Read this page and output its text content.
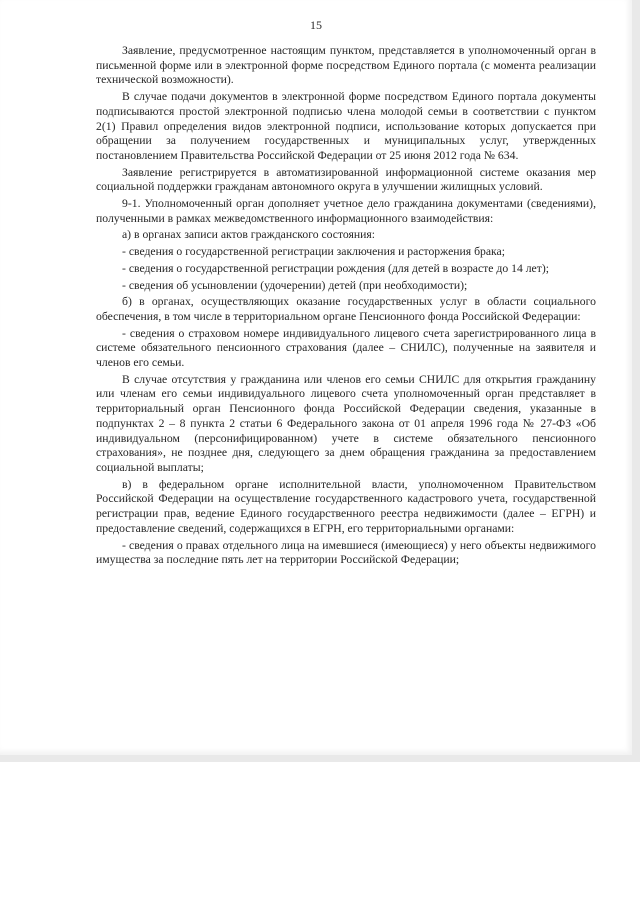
15

Заявление, предусмотренное настоящим пунктом, представляется в уполномоченный орган в письменной форме или в электронной форме посредством Единого портала (с момента реализации технической возможности).

В случае подачи документов в электронной форме посредством Единого портала документы подписываются простой электронной подписью члена молодой семьи в соответствии с пунктом 2(1) Правил определения видов электронной подписи, использование которых допускается при обращении за получением государственных и муниципальных услуг, утвержденных постановлением Правительства Российской Федерации от 25 июня 2012 года № 634.

Заявление регистрируется в автоматизированной информационной системе оказания мер социальной поддержки гражданам автономного округа в улучшении жилищных условий.

9-1. Уполномоченный орган дополняет учетное дело гражданина документами (сведениями), полученными в рамках межведомственного информационного взаимодействия:

а) в органах записи актов гражданского состояния:

- сведения о государственной регистрации заключения и расторжения брака;

- сведения о государственной регистрации рождения (для детей в возрасте до 14 лет);

- сведения об усыновлении (удочерении) детей (при необходимости);

б) в органах, осуществляющих оказание государственных услуг в области социального обеспечения, в том числе в территориальном органе Пенсионного фонда Российской Федерации:

- сведения о страховом номере индивидуального лицевого счета зарегистрированного лица в системе обязательного пенсионного страхования (далее – СНИЛС), полученные на заявителя и членов его семьи.

В случае отсутствия у гражданина или членов его семьи СНИЛС для открытия гражданину или членам его семьи индивидуального лицевого счета уполномоченный орган представляет в территориальный орган Пенсионного фонда Российской Федерации сведения, указанные в подпунктах 2 – 8 пункта 2 статьи 6 Федерального закона от 01 апреля 1996 года № 27-ФЗ «Об индивидуальном (персонифицированном) учете в системе обязательного пенсионного страхования», не позднее дня, следующего за днем обращения гражданина за предоставлением социальной выплаты;

в) в федеральном органе исполнительной власти, уполномоченном Правительством Российской Федерации на осуществление государственного кадастрового учета, государственной регистрации прав, ведение Единого государственного реестра недвижимости (далее – ЕГРН) и предоставление сведений, содержащихся в ЕГРН, его территориальными органами:

- сведения о правах отдельного лица на имевшиеся (имеющиеся) у него объекты недвижимого имущества за последние пять лет на территории Российской Федерации;
